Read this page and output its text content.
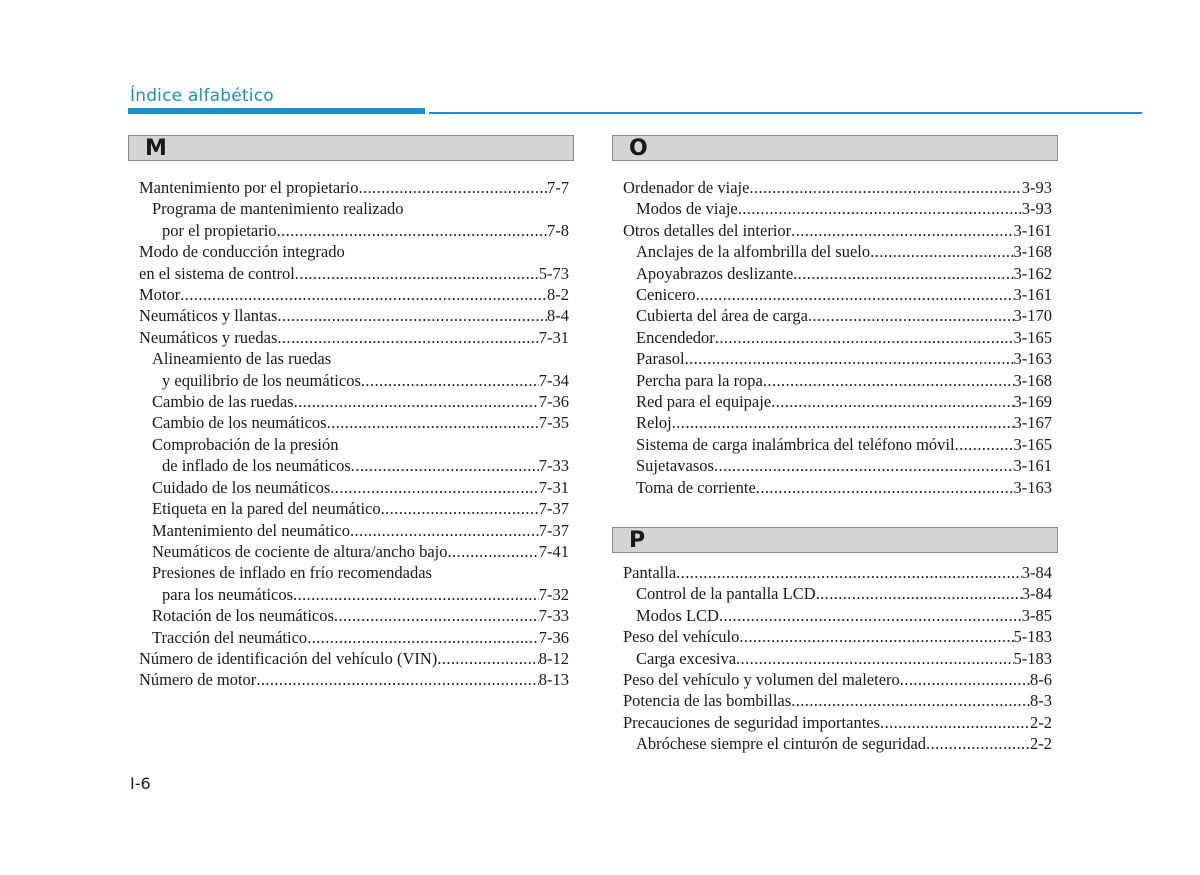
Índice alfabético
M
Mantenimiento por el propietario .....	7-7
Programa de mantenimiento realizado
por el propietario .....	7-8
Modo de conducción integrado
en el sistema de control .....	5-73
Motor .....	8-2
Neumáticos y llantas .....	8-4
Neumáticos y ruedas .....	7-31
Alineamiento de las ruedas
y equilibrio de los neumáticos .....	7-34
Cambio de las ruedas .....	7-36
Cambio de los neumáticos .....	7-35
Comprobación de la presión
de inflado de los neumáticos .....	7-33
Cuidado de los neumáticos .....	7-31
Etiqueta en la pared del neumático .....	7-37
Mantenimiento del neumático .....	7-37
Neumáticos de cociente de altura/ancho bajo .....	7-41
Presiones de inflado en frío recomendadas
para los neumáticos .....	7-32
Rotación de los neumáticos .....	7-33
Tracción del neumático .....	7-36
Número de identificación del vehículo (VIN) .....	8-12
Número de motor .....	8-13
O
Ordenador de viaje .....	3-93
Modos de viaje .....	3-93
Otros detalles del interior .....	3-161
Anclajes de la alfombrilla del suelo .....	3-168
Apoyabrazos deslizante .....	3-162
Cenicero .....	3-161
Cubierta del área de carga .....	3-170
Encendedor .....	3-165
Parasol .....	3-163
Percha para la ropa .....	3-168
Red para el equipaje .....	3-169
Reloj .....	3-167
Sistema de carga inalámbrica del teléfono móvil .....	3-165
Sujetavasos .....	3-161
Toma de corriente .....	3-163
P
Pantalla .....	3-84
Control de la pantalla LCD .....	3-84
Modos LCD .....	3-85
Peso del vehículo .....	5-183
Carga excesiva .....	5-183
Peso del vehículo y volumen del maletero .....	8-6
Potencia de las bombillas .....	8-3
Precauciones de seguridad importantes .....	2-2
Abróchese siempre el cinturón de seguridad .....	2-2
I-6
